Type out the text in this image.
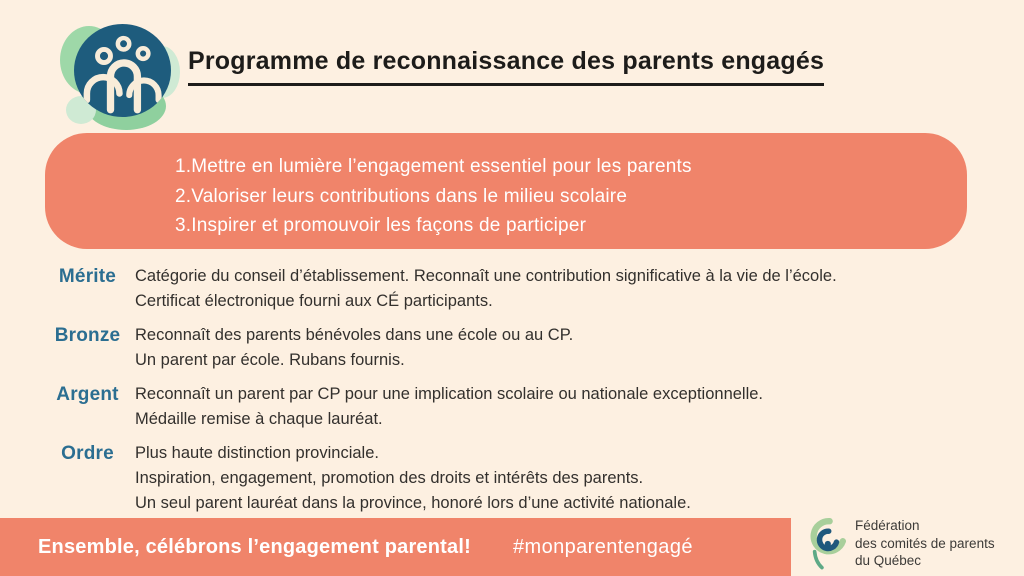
Programme de reconnaissance des parents engagés
Mettre en lumière l’engagement essentiel pour les parents
Valoriser leurs contributions dans le milieu scolaire
Inspirer et promouvoir les façons de participer
Mérite	Catégorie du conseil d’établissement. Reconnaît une contribution significative à la vie de l’école.
Certificat électronique fourni aux CÉ participants.
Bronze Reconnaît des parents bénévoles dans une école ou au CP.
Un parent par école. Rubans fournis.
Argent Reconnaît un parent par CP pour une implication scolaire ou nationale exceptionnelle.
Médaille remise à chaque lauréat.
Ordre	Plus haute distinction provinciale.
Inspiration, engagement, promotion des droits et intérêts des parents.
Un seul parent lauréat dans la province, honoré lors d’une activité nationale.
Ensemble, célébrons l’engagement parental! #monparentengagé
Fédération
des comités de parents
du Québec
